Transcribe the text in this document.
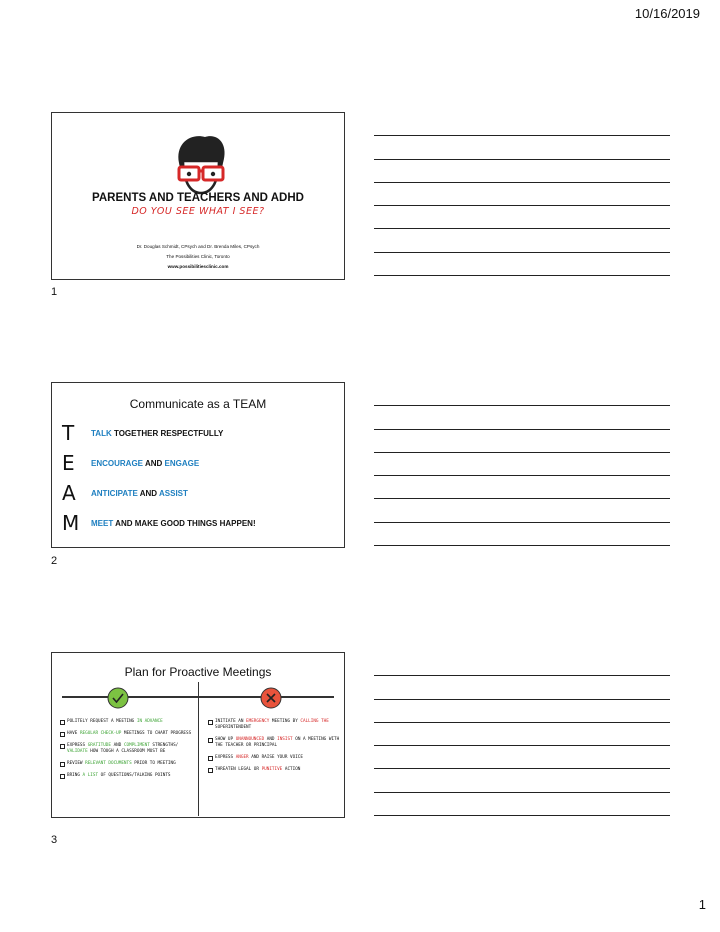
10/16/2019
PARENTS AND TEACHERS AND ADHD
DO YOU SEE WHAT I SEE?
Dr. Douglas Schmidt, CPsych and Dr. Brenda Miles, CPsych
The Possibilities Clinic, Toronto
www.possibilitiesclinic.com
1
Communicate as a TEAM
T	TALK TOGETHER RESPECTFULLY
E	ENCOURAGE AND ENGAGE
A	ANTICIPATE AND ASSIST
M	MEET AND MAKE GOOD THINGS HAPPEN!
2
Plan for Proactive Meetings
POLITELY REQUEST A MEETING IN ADVANCE
HAVE REGULAR CHECK-UP MEETINGS TO CHART PROGRESS
EXPRESS GRATITUDE AND COMPLIMENT STRENGTHS/ VALIDATE HOW TOUGH A CLASSROOM MUST BE
REVIEW RELEVANT DOCUMENTS PRIOR TO MEETING
BRING A LIST OF QUESTIONS/TALKING POINTS
INITIATE AN EMERGENCY MEETING BY CALLING THE SUPERINTENDENT
SHOW UP UNANNOUNCED AND INSIST ON A MEETING WITH THE TEACHER OR PRINCIPAL
EXPRESS ANGER AND RAISE YOUR VOICE
THREATEN LEGAL OR PUNITIVE ACTION
3
1
